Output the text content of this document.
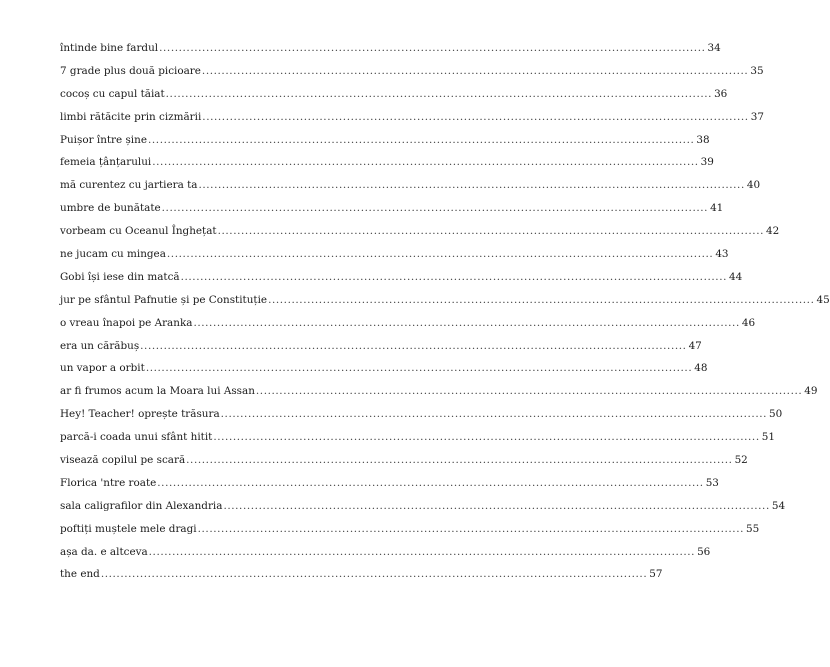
întinde bine fardul ............................................................................................................................................ 34
7 grade plus două picioare ............................................................................................................................................ 35
cocoș cu capul tăiat ............................................................................................................................................ 36
limbi rătăcite prin cizmării ............................................................................................................................................ 37
Puișor între șine ............................................................................................................................................ 38
femeia țânțarului ............................................................................................................................................ 39
mă curentez cu jartiera ta ............................................................................................................................................ 40
umbre de bunătate ............................................................................................................................................ 41
vorbeam cu Oceanul Înghețat ............................................................................................................................................ 42
ne jucam cu mingea ............................................................................................................................................ 43
Gobi își iese din matcă ............................................................................................................................................ 44
jur pe sfântul Pafnutie și pe Constituție ............................................................................................................................................ 45
o vreau înapoi pe Aranka ............................................................................................................................................ 46
era un cărăbuș ............................................................................................................................................ 47
un vapor a orbit ............................................................................................................................................ 48
ar fi frumos acum la Moara lui Assan ............................................................................................................................................ 49
Hey! Teacher! oprește trăsura ............................................................................................................................................ 50
parcă-i coada unui sfânt hitit ............................................................................................................................................ 51
visează copilul pe scară ............................................................................................................................................ 52
Florica 'ntre roate ............................................................................................................................................ 53
sala caligrafilor din Alexandria ............................................................................................................................................ 54
poftiți muștele mele dragi ............................................................................................................................................ 55
așa da. e altceva ............................................................................................................................................ 56
the end ............................................................................................................................................ 57
